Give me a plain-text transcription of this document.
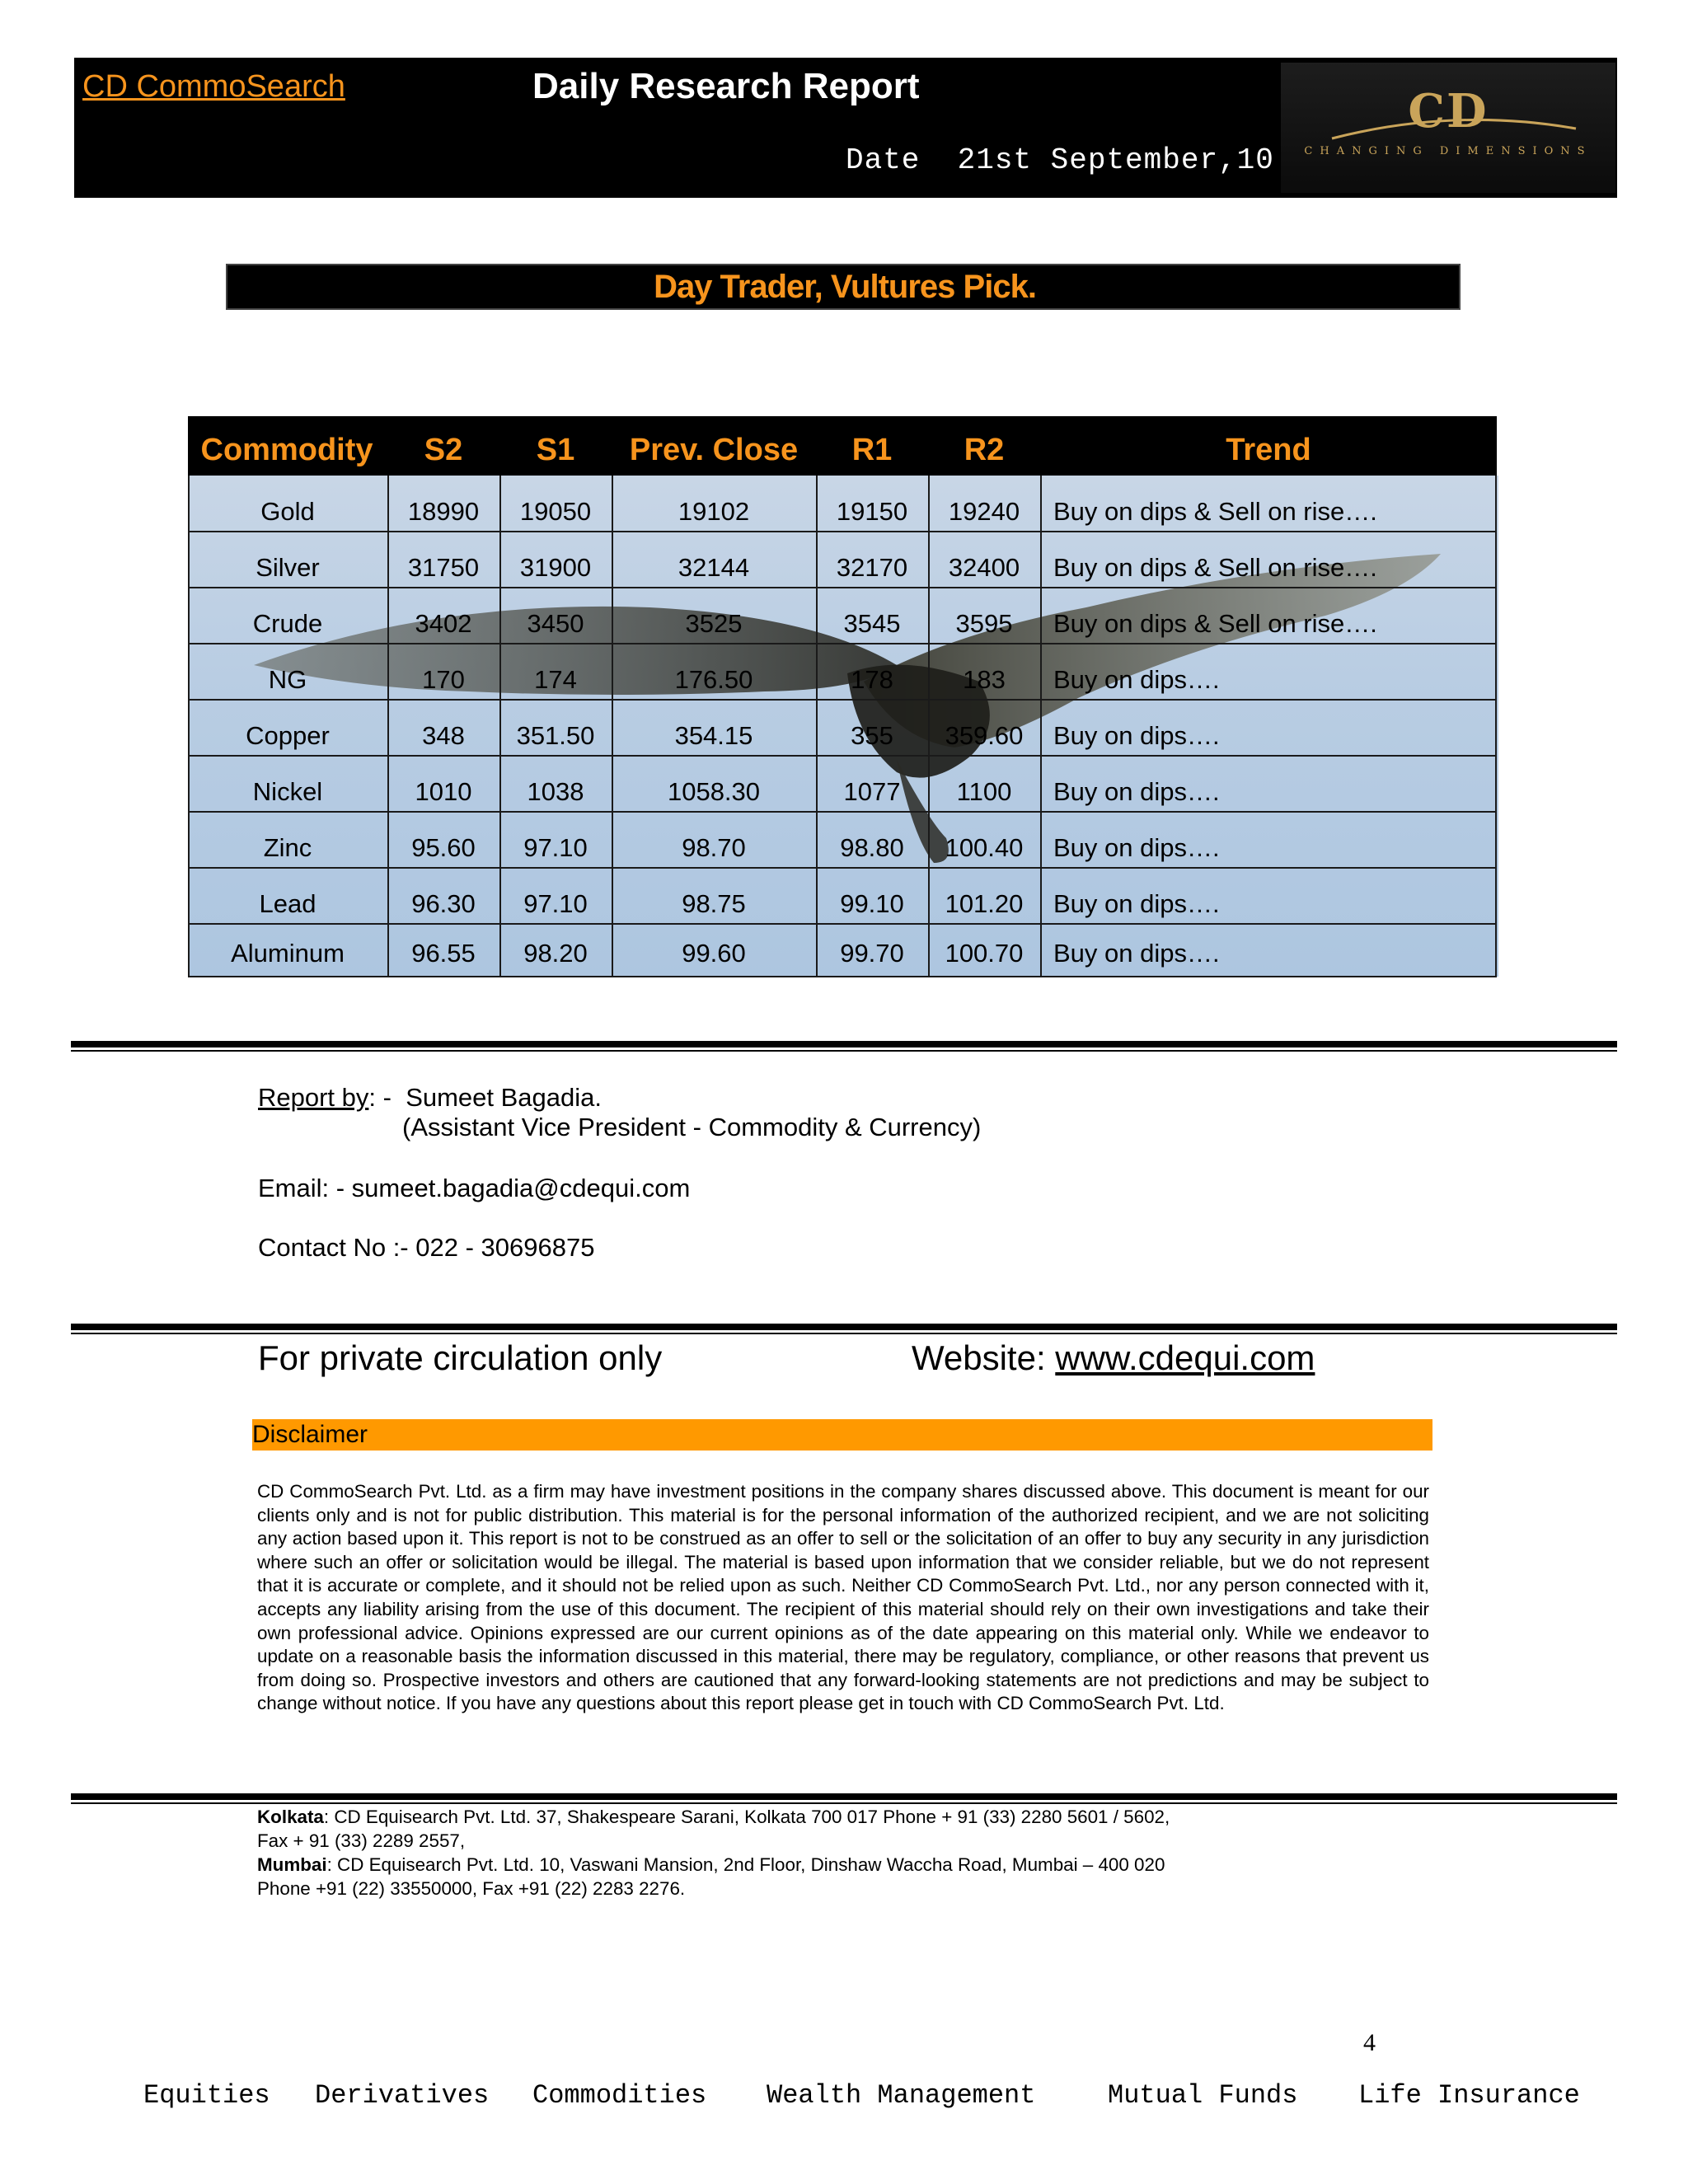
CD CommoSearch	Daily Research Report
Date  21st September,10
CD
CHANGING DIMENSIONS
Day Trader, Vultures Pick.
Commodity	S2	S1	Prev. Close	R1	R2	Trend
Gold	18990	19050	19102	19150	19240	Buy on dips & Sell on rise….
Silver	31750	31900	32144	32170	32400	Buy on dips & Sell on rise….
Crude	3402	3450	3525	3545	3595	Buy on dips & Sell on rise….
NG	170	174	176.50	178	183	Buy on dips….
Copper	348	351.50	354.15	355	359.60	Buy on dips….
Nickel	1010	1038	1058.30	1077	1100	Buy on dips….
Zinc	95.60	97.10	98.70	98.80	100.40	Buy on dips….
Lead	96.30	97.10	98.75	99.10	101.20	Buy on dips….
Aluminum	96.55	98.20	99.60	99.70	100.70	Buy on dips….
Report by: -  Sumeet Bagadia.
(Assistant Vice President - Commodity & Currency)
Email: - sumeet.bagadia@cdequi.com
Contact No :- 022 - 30696875
For private circulation only	Website: www.cdequi.com
Disclaimer
CD CommoSearch Pvt. Ltd. as a firm may have investment positions in the company shares discussed above. This document is meant for our clients only and is not for public distribution. This material is for the personal information of the authorized recipient, and we are not soliciting any action based upon it. This report is not to be construed as an offer to sell or the solicitation of an offer to buy any security in any jurisdiction where such an offer or solicitation would be illegal. The material is based upon information that we consider reliable, but we do not represent that it is accurate or complete, and it should not be relied upon as such. Neither CD CommoSearch Pvt. Ltd., nor any person connected with it, accepts any liability arising from the use of this document. The recipient of this material should rely on their own investigations and take their own professional advice. Opinions expressed are our current opinions as of the date appearing on this material only. While we endeavor to update on a reasonable basis the information discussed in this material, there may be regulatory, compliance, or other reasons that prevent us from doing so. Prospective investors and others are cautioned that any forward-looking statements are not predictions and may be subject to change without notice. If you have any questions about this report please get in touch with CD CommoSearch Pvt. Ltd.
Kolkata: CD Equisearch Pvt. Ltd. 37, Shakespeare Sarani, Kolkata 700 017 Phone + 91 (33) 2280 5601 / 5602,
Fax + 91 (33) 2289 2557,
Mumbai: CD Equisearch Pvt. Ltd. 10, Vaswani Mansion, 2nd Floor, Dinshaw Waccha Road, Mumbai – 400 020
Phone +91 (22) 33550000, Fax +91 (22) 2283 2276.
4
Equities Derivatives Commodities Wealth Management	Mutual Funds Life Insurance
